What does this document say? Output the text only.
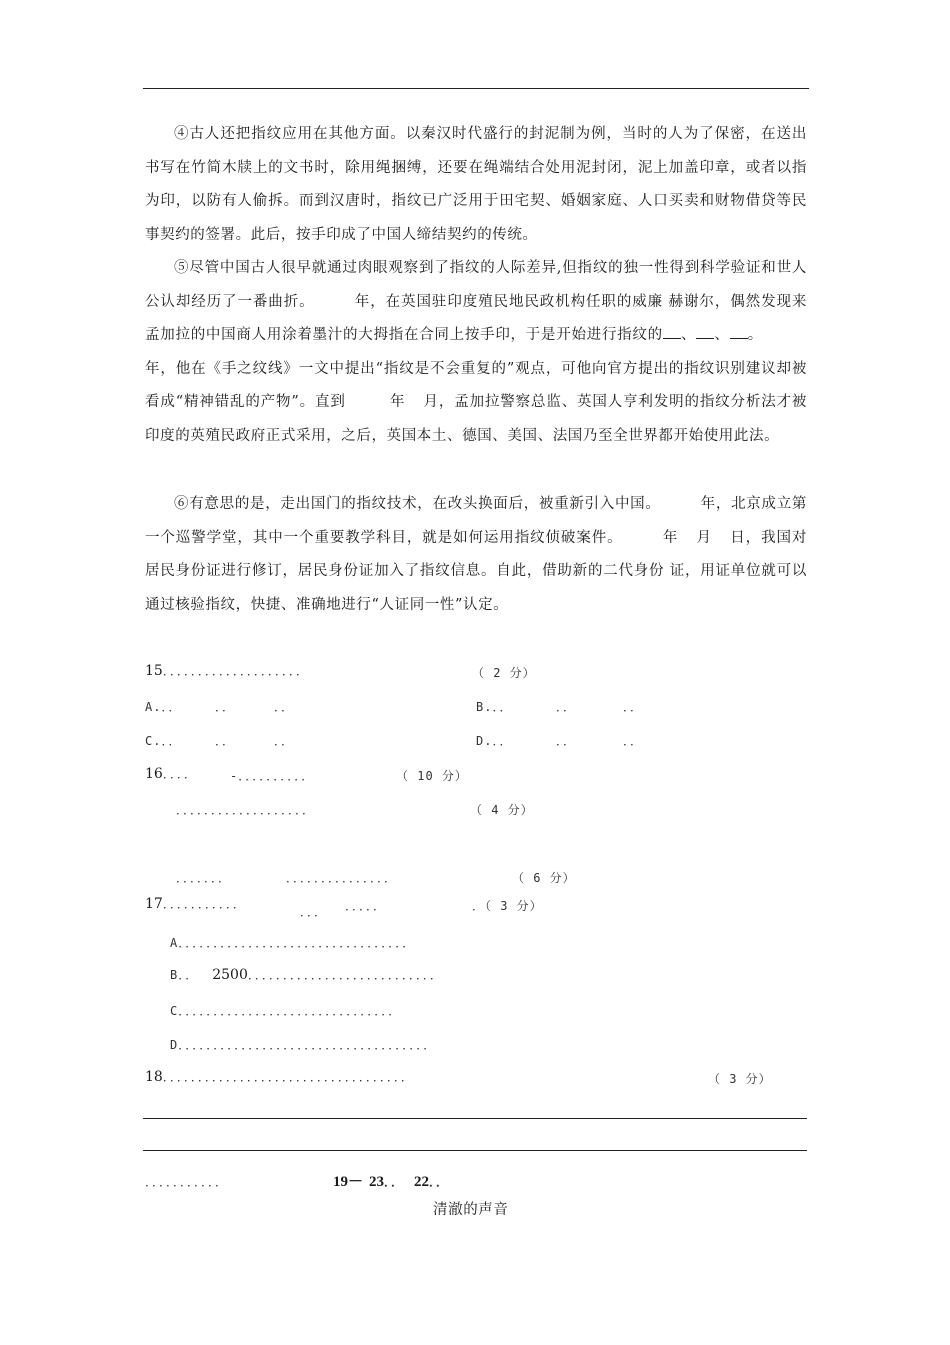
④古人还把指纹应用在其他方面。以秦汉时代盛行的封泥制为例，当时的人为了保密，在送出书写在竹简木牍上的文书时，除用绳捆缚，还要在绳端结合处用泥封闭，泥上加盖印章，或者以指为印，以防有人偷拆。而到汉唐时，指纹已广泛用于田宅契、婚姻家庭、人口买卖和财物借贷等民事契约的签署。此后，按手印成了中国人缔结契约的传统。
⑤尽管中国古人很早就通过肉眼观察到了指纹的人际差异,但指纹的独一性得到科学验证和世人公认却经历了一番曲折。	年，在英国驻印度殖民地民政机构任职的威廉 赫谢尔，偶然发现来孟加拉的中国商人用涂着墨汁的大拇指在合同上按手印，于是开始进行指纹的 、 、 。年，他在《手之纹线》一文中提出“指纹是不会重复的”观点，可他向官方提出的指纹识别建议却被看成“精神错乱的产物”。直到	年 月，孟加拉警察总监、英国人亨利发明的指纹分析法才被印度的英殖民政府正式采用，之后，英国本土、德国、美国、法国乃至全世界都开始使用此法。
⑥有意思的是，走出国门的指纹技术，在改头换面后，被重新引入中国。	年，北京成立第一个巡警学堂，其中一个重要教学科目，就是如何运用指纹侦破案件。	年 月 日，我国对居民身份证进行修订，居民身份证加入了指纹信息。自此，借助新的二代身份 证，用证单位就可以通过核验指纹，快捷、准确地进行“人证同一性”认定。
15．．．．．．．．．．．．．．．．．．．．	（ 2 分）
A.．．	．．	．．	B.．．	．．	．．
C.．．	．．	．．	D.．．	．．	．．
16．．．．	-．．．．．．．．．．	（ 10 分）
．．．．．．．．．．．．．．．．．．．	（ 4 分）
．．．．．．．	．．．．．．．．．．．．．．．	（ 6 分）
17．．．．．．．．．．．
．．． ．．．．．	．（ 3 分）
A．．．．．．．．．．．．．．．．．．．．．．．．．．．．．．．．．
B．． 2500．．．．．．．．．．．．．．．．．．．．．．．．．．．
C．．．．．．．．．．．．．．．．．．．．．．．．．．．．．．．
D．．．．．．．．．．．．．．．．．．．．．．．．．．．．．．．．．．．．
18．．．．．．．．．．．．．．．．．．．．．．．．．．．．．．．．．．．	（ 3 分）
．．．．．．．．．．．	19－ 23．． 22．．
清澈的声音
